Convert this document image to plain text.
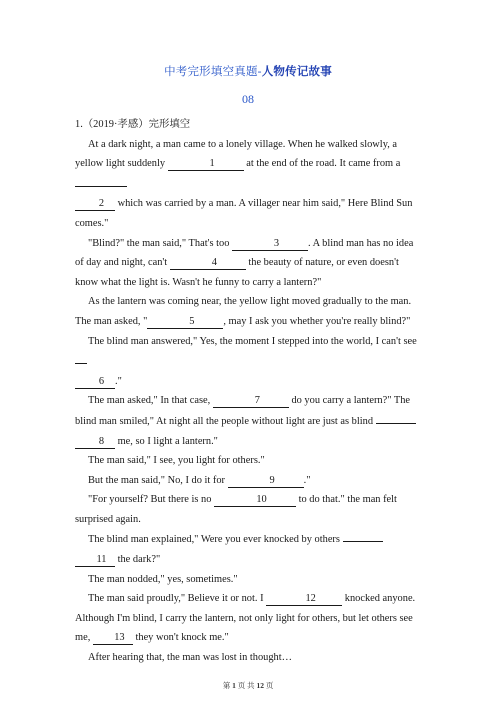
中考完形填空真题-人物传记故事
08

1.（2019·孝感）完形填空

At a dark night, a man came to a lonely village. When he walked slowly, a yellow light suddenly	1	at the end of the road. It came from a
2 which was carried by a man. A villager near him said," Here Blind Sun comes."

"Blind?" the man said," That's too	3	. A blind man has no idea of day and night, can't	4	the beauty of nature, or even doesn't know what the light is. Wasn't he funny to carry a lantern?"

As the lantern was coming near, the yellow light moved gradually to the man. The man asked, "	5	, may I ask you whether you're really blind?"

The blind man answered," Yes, the moment I stepped into the world, I can't see
6 ."

The man asked," In that case,	7	do you carry a lantern?" The blind man smiled," At night all the people without light are just as blind
8 me, so I light a lantern."

The man said," I see, you light for others."

But the man said," No, I do it for	9	."

"For yourself? But there is no	10	to do that." the man felt surprised again.

The blind man explained," Were you ever knocked by others
11 the dark?"

The man nodded," yes, sometimes."

The man said proudly," Believe it or not. I	12	knocked anyone. Although I'm blind, I carry the lantern, not only light for others, but let others see me, 13 they won't knock me."

After hearing that, the man was lost in thought…

第 1 页 共 12 页
